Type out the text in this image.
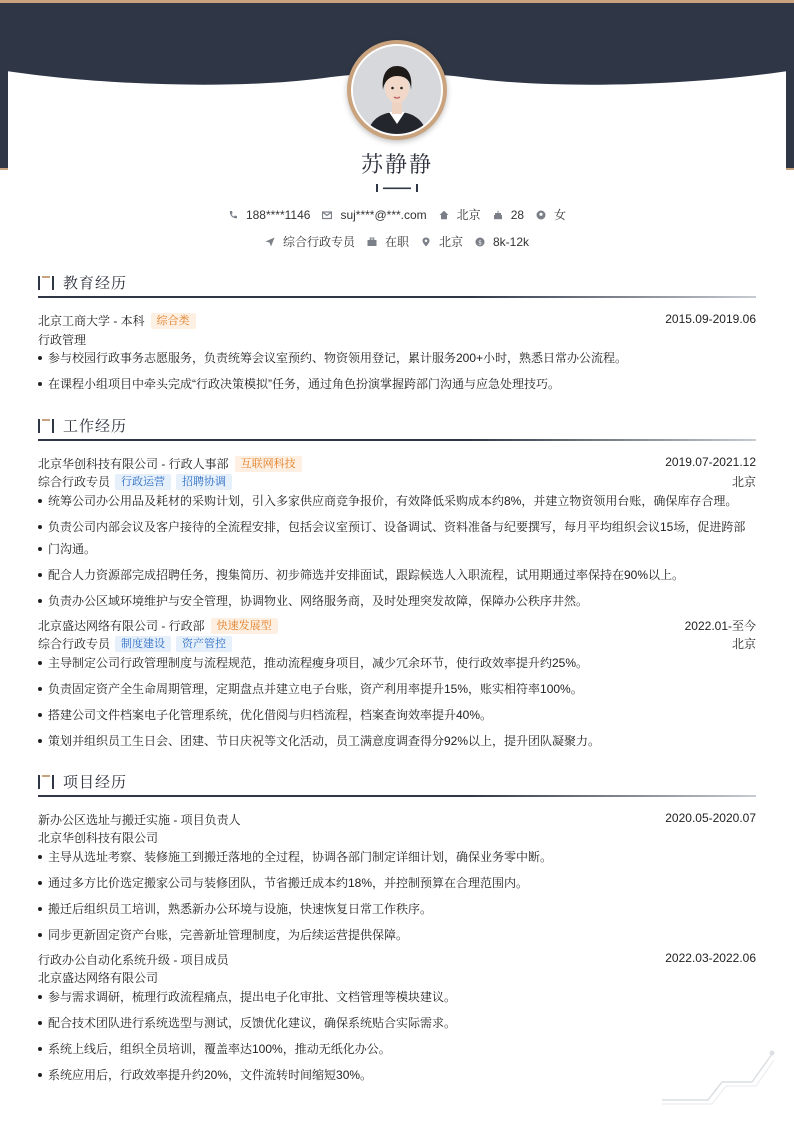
苏静静
188****1146	suj****@***.com	北京	28	女
综合行政专员	在职	北京	$ 8k-12k
教育经历
北京工商大学 - 本科	综合类	2015.09-2019.06
行政管理
参与校园行政事务志愿服务，负责统筹会议室预约、物资领用登记，累计服务200+小时，熟悉日常办公流程。
在课程小组项目中牵头完成“行政决策模拟”任务，通过角色扮演掌握跨部门沟通与应急处理技巧。
工作经历
北京华创科技有限公司 - 行政人事部	互联网科技	2019.07-2021.12
综合行政专员	行政运营	招聘协调	北京
统筹公司办公用品及耗材的采购计划，引入多家供应商竞争报价，有效降低采购成本约8%，并建立物资领用台账，确保库存合理。
负责公司内部会议及客户接待的全流程安排，包括会议室预订、设备调试、资料准备与纪要撰写，每月平均组织会议15场，促进跨部
门沟通。
配合人力资源部完成招聘任务，搜集简历、初步筛选并安排面试，跟踪候选人入职流程，试用期通过率保持在90%以上。
负责办公区域环境维护与安全管理，协调物业、网络服务商，及时处理突发故障，保障办公秩序井然。
北京盛达网络有限公司 - 行政部	快速发展型	2022.01-至今
综合行政专员	制度建设	资产管控	北京
主导制定公司行政管理制度与流程规范，推动流程瘦身项目，减少冗余环节，使行政效率提升约25%。
负责固定资产全生命周期管理，定期盘点并建立电子台账，资产利用率提升15%，账实相符率100%。
搭建公司文件档案电子化管理系统，优化借阅与归档流程，档案查询效率提升40%。
策划并组织员工生日会、团建、节日庆祝等文化活动，员工满意度调查得分92%以上，提升团队凝聚力。
项目经历
新办公区选址与搬迁实施 - 项目负责人	2020.05-2020.07
北京华创科技有限公司
主导从选址考察、装修施工到搬迁落地的全过程，协调各部门制定详细计划，确保业务零中断。
通过多方比价选定搬家公司与装修团队，节省搬迁成本约18%，并控制预算在合理范围内。
搬迁后组织员工培训，熟悉新办公环境与设施，快速恢复日常工作秩序。
同步更新固定资产台账，完善新址管理制度，为后续运营提供保障。
行政办公自动化系统升级 - 项目成员	2022.03-2022.06
北京盛达网络有限公司
参与需求调研，梳理行政流程痛点，提出电子化审批、文档管理等模块建议。
配合技术团队进行系统选型与测试，反馈优化建议，确保系统贴合实际需求。
系统上线后，组织全员培训，覆盖率达100%，推动无纸化办公。
系统应用后，行政效率提升约20%，文件流转时间缩短30%。
